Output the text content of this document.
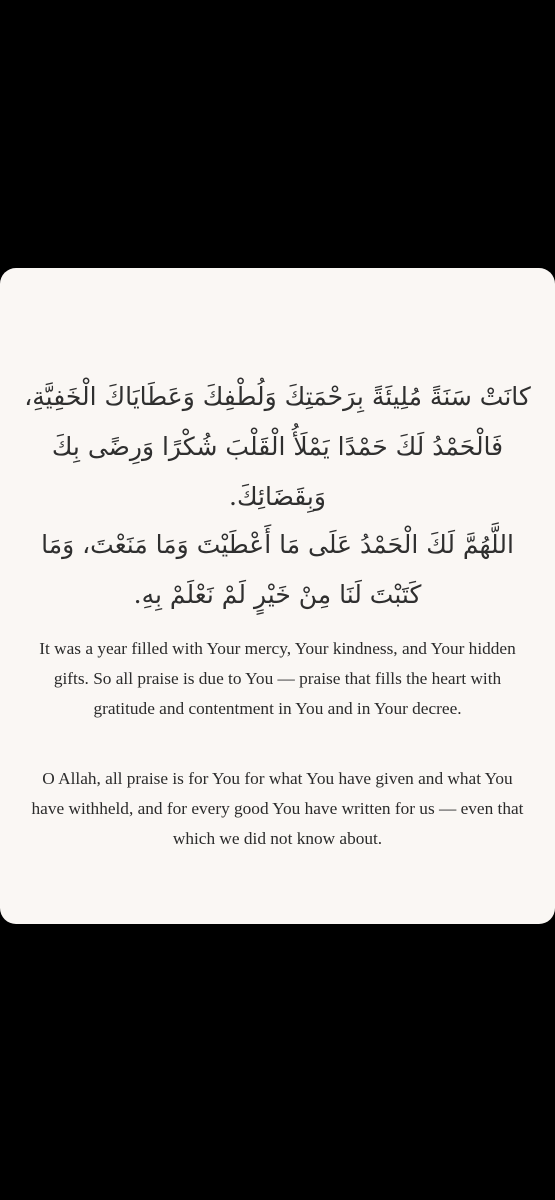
كانَتْ سَنَةً مُلِيئَةً بِرَحْمَتِكَ وَلُطْفِكَ وَعَطَايَاكَ الْخَفِيَّةِ، فَالْحَمْدُ لَكَ حَمْدًا يَمْلَأُ الْقَلْبَ شُكْرًا وَرِضًى بِكَ وَبِقَضَائِكَ.

اللَّهُمَّ لَكَ الْحَمْدُ عَلَى مَا أَعْطَيْتَ وَمَا مَنَعْتَ، وَمَا كَتَبْتَ لَنَا مِنْ خَيْرٍ لَمْ نَعْلَمْ بِهِ.

It was a year filled with Your mercy, Your kindness, and Your hidden gifts. So all praise is due to You — praise that fills the heart with gratitude and contentment in You and in Your decree.

O Allah, all praise is for You for what You have given and what You have withheld, and for every good You have written for us — even that which we did not know about.
